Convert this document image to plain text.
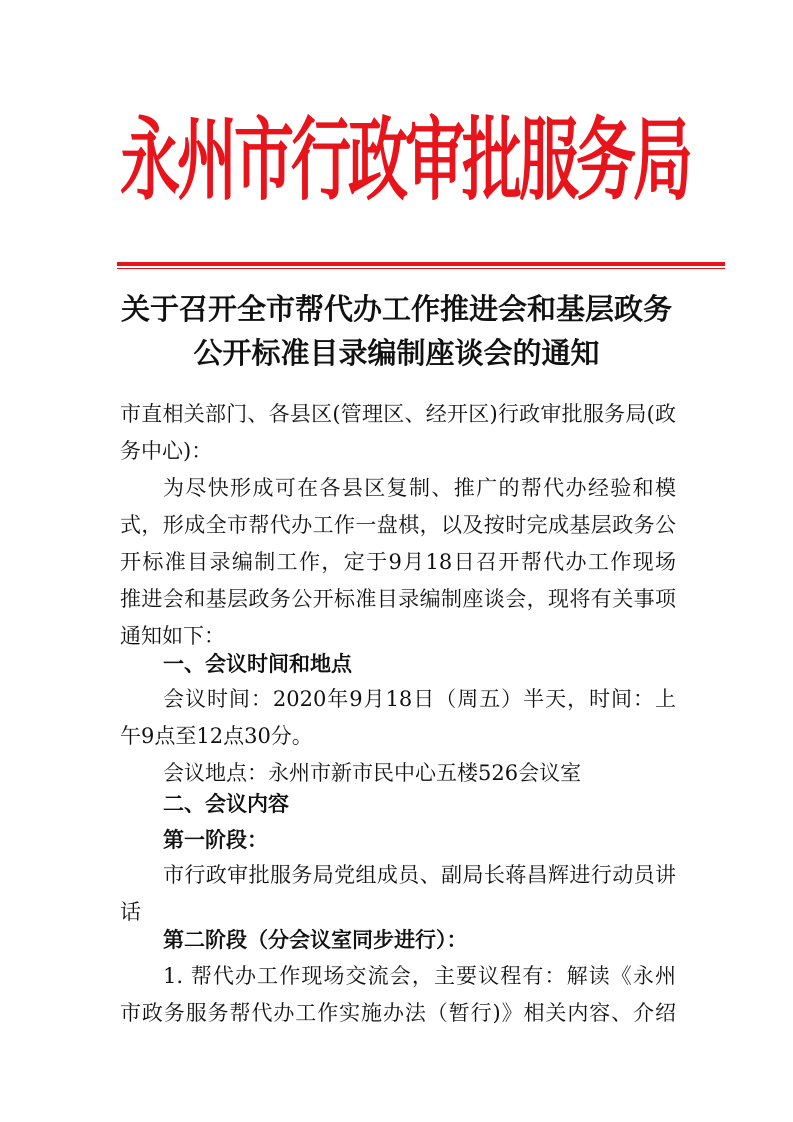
永州市行政审批服务局
关于召开全市帮代办工作推进会和基层政务
公开标准目录编制座谈会的通知
市直相关部门、各县区(管理区、经开区)行政审批服务局(政
务中心)：
为尽快形成可在各县区复制、推广的帮代办经验和模
式，形成全市帮代办工作一盘棋，以及按时完成基层政务公
开标准目录编制工作，定于9月18日召开帮代办工作现场
推进会和基层政务公开标准目录编制座谈会，现将有关事项
通知如下：
一、会议时间和地点
会议时间：2020年9月18日（周五）半天，时间：上
午9点至12点30分。
会议地点：永州市新市民中心五楼526会议室
二、会议内容
第一阶段：
市行政审批服务局党组成员、副局长蒋昌辉进行动员讲
话
第二阶段（分会议室同步进行）：
1. 帮代办工作现场交流会，主要议程有：解读《永州
市政务服务帮代办工作实施办法（暂行)》相关内容、介绍
